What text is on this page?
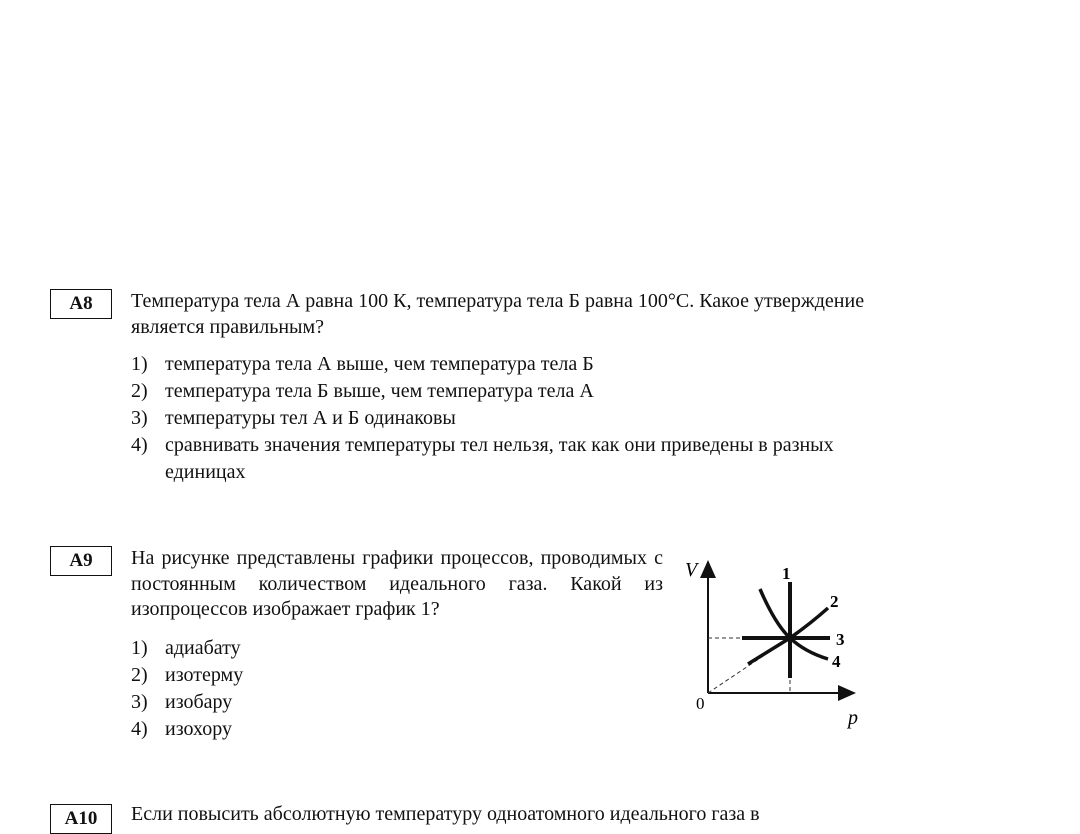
A8	Температура тела А равна 100 К, температура тела Б равна 100°С. Какое утверждение является правильным?
1) температура тела А выше, чем температура тела Б
2) температура тела Б выше, чем температура тела А
3) температуры тел А и Б одинаковы
4) сравнивать значения температуры тел нельзя, так как они приведены в разных единицах
A9	На рисунке представлены графики процессов, проводимых с постоянным количеством идеального газа. Какой из изопроцессов изображает график 1?
1) адиабату
2) изотерму
3) изобару
4) изохору
V
p
0
1
2
3
4
A10	Если повысить абсолютную температуру одноатомного идеального газа в
